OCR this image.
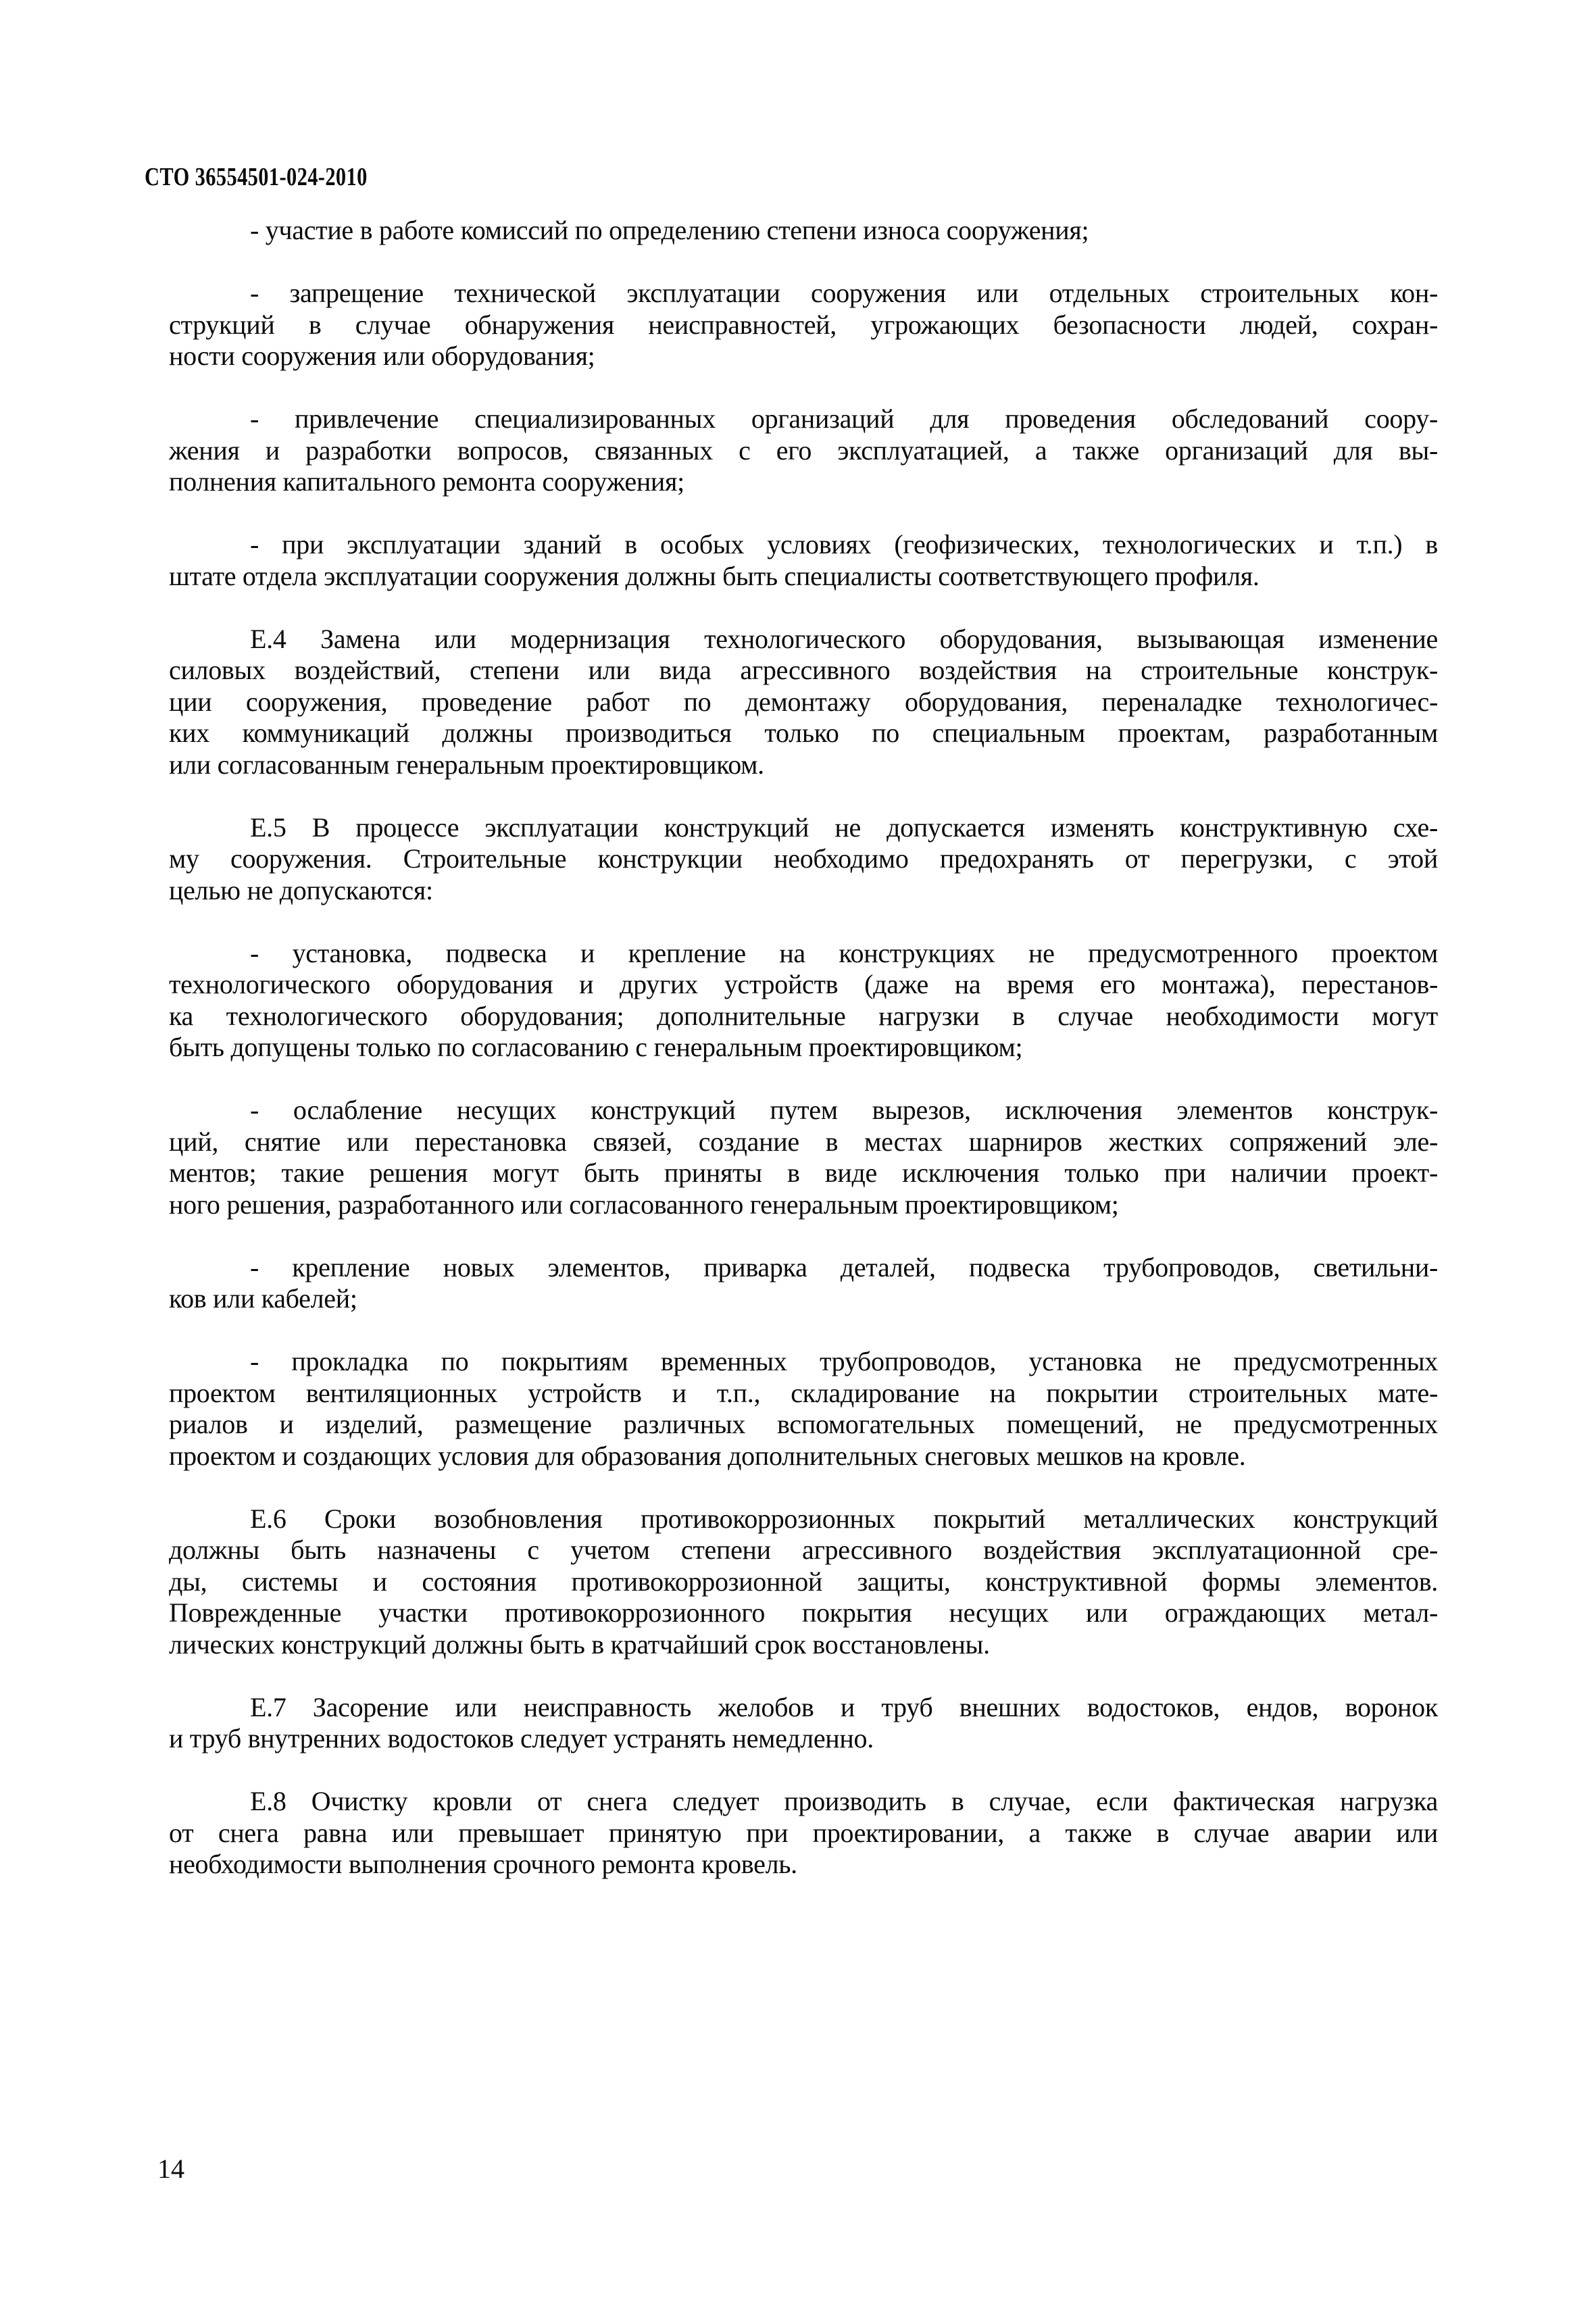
СТО 36554501-024-2010
- участие в работе комиссий по определению степени износа сооружения;
- запрещение технической эксплуатации сооружения или отдельных строительных кон-
струкций в случае обнаружения неисправностей, угрожающих безопасности людей, сохран-
ности сооружения или оборудования;
- привлечение специализированных организаций для проведения обследований соору-
жения и разработки вопросов, связанных с его эксплуатацией, а также организаций для вы-
полнения капитального ремонта сооружения;
- при эксплуатации зданий в особых условиях (геофизических, технологических и т.п.) в
штате отдела эксплуатации сооружения должны быть специалисты соответствующего профиля.
Е.4 Замена или модернизация технологического оборудования, вызывающая изменение
силовых воздействий, степени или вида агрессивного воздействия на строительные конструк-
ции сооружения, проведение работ по демонтажу оборудования, переналадке технологичес-
ких коммуникаций должны производиться только по специальным проектам, разработанным
или согласованным генеральным проектировщиком.
Е.5 В процессе эксплуатации конструкций не допускается изменять конструктивную схе-
му сооружения. Строительные конструкции необходимо предохранять от перегрузки, с этой
целью не допускаются:
- установка, подвеска и крепление на конструкциях не предусмотренного проектом
технологического оборудования и других устройств (даже на время его монтажа), перестанов-
ка технологического оборудования; дополнительные нагрузки в случае необходимости могут
быть допущены только по согласованию с генеральным проектировщиком;
- ослабление несущих конструкций путем вырезов, исключения элементов конструк-
ций, снятие или перестановка связей, создание в местах шарниров жестких сопряжений эле-
ментов; такие решения могут быть приняты в виде исключения только при наличии проект-
ного решения, разработанного или согласованного генеральным проектировщиком;
- крепление новых элементов, приварка деталей, подвеска трубопроводов, светильни-
ков или кабелей;
- прокладка по покрытиям временных трубопроводов, установка не предусмотренных
проектом вентиляционных устройств и т.п., складирование на покрытии строительных мате-
риалов и изделий, размещение различных вспомогательных помещений, не предусмотренных
проектом и создающих условия для образования дополнительных снеговых мешков на кровле.
Е.6 Сроки возобновления противокоррозионных покрытий металлических конструкций
должны быть назначены с учетом степени агрессивного воздействия эксплуатационной сре-
ды, системы и состояния противокоррозионной защиты, конструктивной формы элементов.
Поврежденные участки противокоррозионного покрытия несущих или ограждающих метал-
лических конструкций должны быть в кратчайший срок восстановлены.
Е.7 Засорение или неисправность желобов и труб внешних водостоков, ендов, воронок
и труб внутренних водостоков следует устранять немедленно.
Е.8 Очистку кровли от снега следует производить в случае, если фактическая нагрузка
от снега равна или превышает принятую при проектировании, а также в случае аварии или
необходимости выполнения срочного ремонта кровель.
14
